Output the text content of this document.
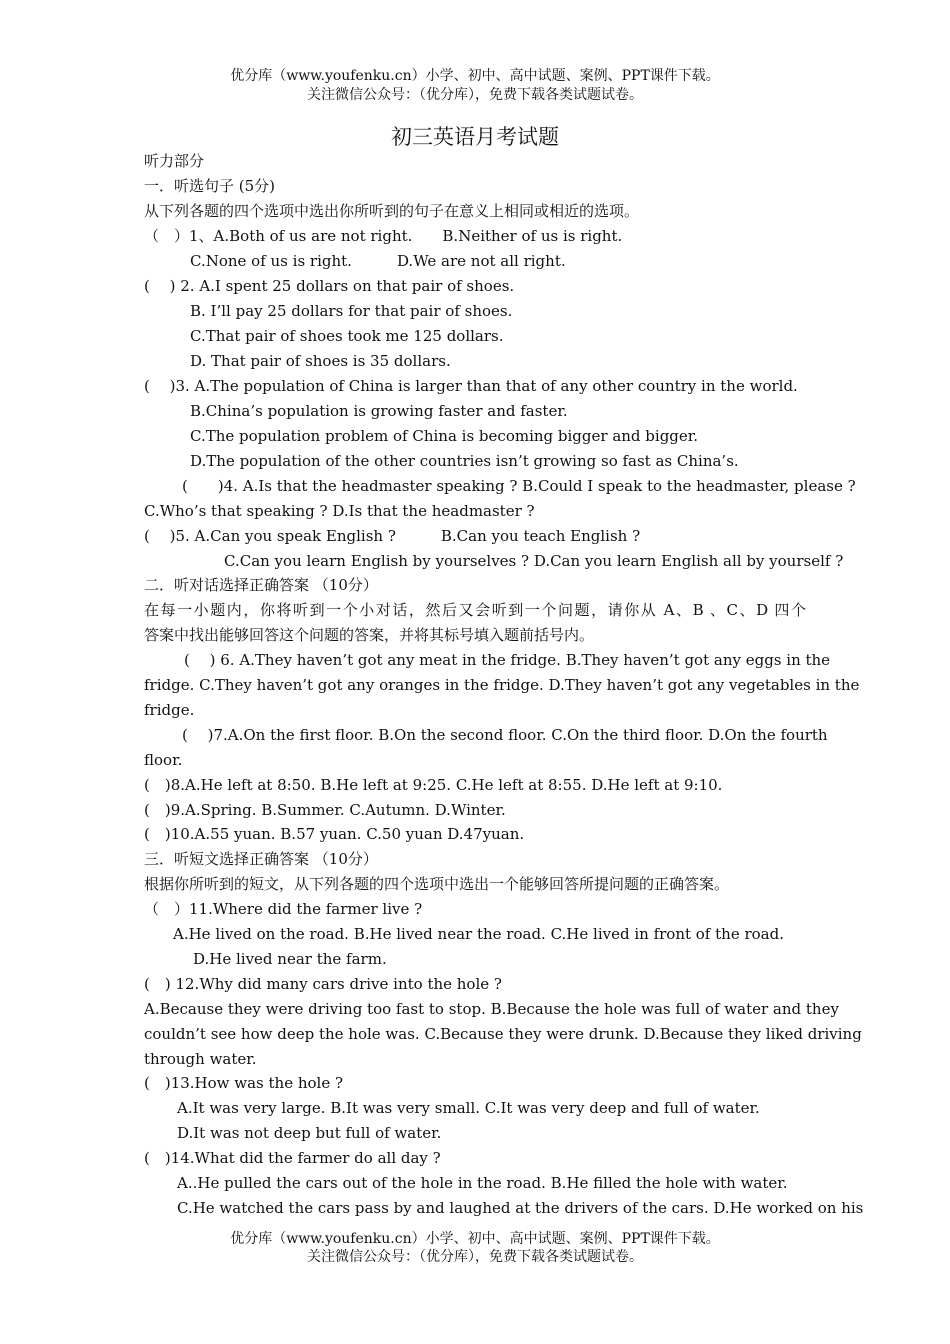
优分库（www.youfenku.cn）小学、初中、高中试题、案例、PPT课件下载。
关注微信公众号：（优分库），免费下载各类试题试卷。
初三英语月考试题
听力部分
一．听选句子 (5分)
从下列各题的四个选项中选出你所听到的句子在意义上相同或相近的选项。
（　）1、A.Both of us are not right.　　B.Neither of us is right.
C.None of us is right.　　　D.We are not all right.
(　 ) 2. A.I spent 25 dollars on that pair of shoes.
B. I’ll pay 25 dollars for that pair of shoes.
C.That pair of shoes took me 125 dollars.
D. That pair of shoes is 35 dollars.
(　 )3. A.The population of China is larger than that of any other country in the world.
B.China’s population is growing faster and faster.
C.The population problem of China is becoming bigger and bigger.
D.The population of the other countries isn’t growing so fast as China’s.
(　　)4. A.Is that the headmaster speaking ? B.Could I speak to the headmaster, please ?
C.Who’s that speaking ? D.Is that the headmaster ?
(　 )5. A.Can you speak English ?　　　B.Can you teach English ?
C.Can you learn English by yourselves ? D.Can you learn English all by yourself ?
二．听对话选择正确答案 （10分）
在每一小题内，你将听到一个小对话，然后又会听到一个问题，请你从 A、B 、C、D 四个
答案中找出能够回答这个问题的答案，并将其标号填入题前括号内。
(　 ) 6. A.They haven’t got any meat in the fridge. B.They haven’t got any eggs in the
fridge. C.They haven’t got any oranges in the fridge. D.They haven’t got any vegetables in the
fridge.
(　 )7.A.On the first floor. B.On the second floor. C.On the third floor. D.On the fourth
floor.
(　)8.A.He left at 8:50. B.He left at 9:25. C.He left at 8:55. D.He left at 9:10.
(　)9.A.Spring. B.Summer. C.Autumn. D.Winter.
(　)10.A.55 yuan. B.57 yuan. C.50 yuan D.47yuan.
三．听短文选择正确答案 （10分）
根据你所听到的短文，从下列各题的四个选项中选出一个能够回答所提问题的正确答案。
（　）11.Where did the farmer live ?
A.He lived on the road. B.He lived near the road. C.He lived in front of the road.
D.He lived near the farm.
(　) 12.Why did many cars drive into the hole ?
A.Because they were driving too fast to stop. B.Because the hole was full of water and they
couldn’t see how deep the hole was. C.Because they were drunk. D.Because they liked driving
through water.
(　)13.How was the hole ?
A.It was very large. B.It was very small. C.It was very deep and full of water.
D.It was not deep but full of water.
(　)14.What did the farmer do all day ?
A..He pulled the cars out of the hole in the road. B.He filled the hole with water.
C.He watched the cars pass by and laughed at the drivers of the cars. D.He worked on his
优分库（www.youfenku.cn）小学、初中、高中试题、案例、PPT课件下载。
关注微信公众号：（优分库），免费下载各类试题试卷。
